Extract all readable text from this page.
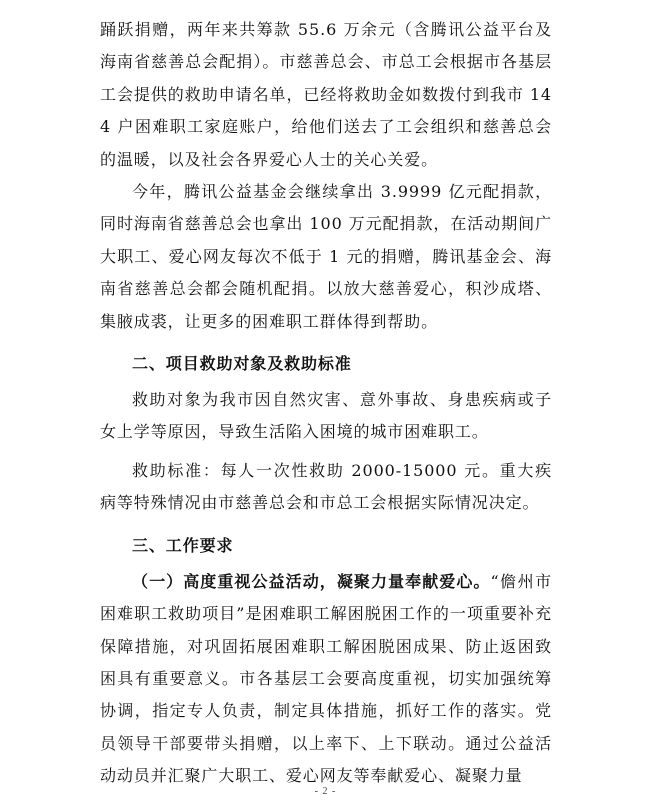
踊跃捐赠，两年来共筹款 55.6 万余元（含腾讯公益平台及海南省慈善总会配捐）。市慈善总会、市总工会根据市各基层工会提供的救助申请名单，已经将救助金如数拨付到我市 144 户困难职工家庭账户，给他们送去了工会组织和慈善总会的温暖，以及社会各界爱心人士的关心关爱。

今年，腾讯公益基金会继续拿出 3.9999 亿元配捐款，同时海南省慈善总会也拿出 100 万元配捐款，在活动期间广大职工、爱心网友每次不低于 1 元的捐赠，腾讯基金会、海南省慈善总会都会随机配捐。以放大慈善爱心，积沙成塔、集腋成裘，让更多的困难职工群体得到帮助。

二、项目救助对象及救助标准

救助对象为我市因自然灾害、意外事故、身患疾病或子女上学等原因，导致生活陷入困境的城市困难职工。

救助标准：每人一次性救助 2000-15000 元。重大疾病等特殊情况由市慈善总会和市总工会根据实际情况决定。

三、工作要求

（一）高度重视公益活动，凝聚力量奉献爱心。“儋州市困难职工救助项目”是困难职工解困脱困工作的一项重要补充保障措施，对巩固拓展困难职工解困脱困成果、防止返困致困具有重要意义。市各基层工会要高度重视，切实加强统筹协调，指定专人负责，制定具体措施，抓好工作的落实。党员领导干部要带头捐赠，以上率下、上下联动。通过公益活动动员并汇聚广大职工、爱心网友等奉献爱心、凝聚力量

- 2 -
